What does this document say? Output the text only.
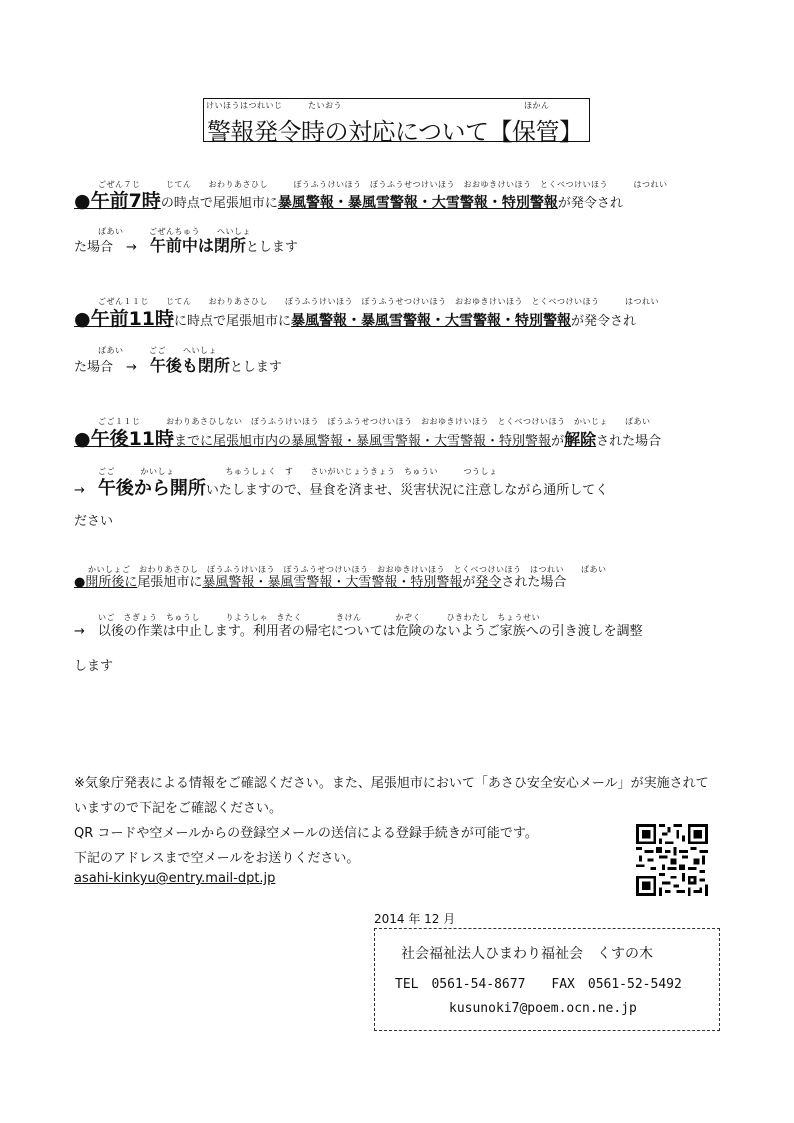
けいほうはつれいじ　　　たいおう	ほかん
警報発令時の対応について【保管】
ごぜん７じ　　　じてん　　おわりあさひし　　　ぼうふうけいほう　ぼうふうせつけいほう　おおゆきけいほう　とくべつけいほう　　　はつれい
●午前7時の時点で尾張旭市に暴風警報・暴風雪警報・大雪警報・特別警報が発令され
ばあい　　　ごぜんちゅう　　へいしょ
た場合　→　午前中は閉所とします
ごぜん１１じ　　じてん　　おわりあさひし　　ぼうふうけいほう　ぼうふうせつけいほう　おおゆきけいほう　とくべつけいほう　　　はつれい
●午前11時に時点で尾張旭市に暴風警報・暴風雪警報・大雪警報・特別警報が発令され
ばあい　　　ごご　　へいしょ
た場合　→　午後も閉所とします
ごご１１じ　　　おわりあさひしない　ぼうふうけいほう　ぼうふうせつけいほう　おおゆきけいほう　とくべつけいほう　かいじょ　　ばあい
●午後11時までに尾張旭市内の暴風警報・暴風雪警報・大雪警報・特別警報が解除された場合
ごご　　　かいしょ　　　　　　ちゅうしょく　す　　さいがいじょうきょう　ちゅうい　　　つうしょ
→　午後から開所いたしますので、昼食を済ませ、災害状況に注意しながら通所してく
ださい
かいしょご　おわりあさひし　ぼうふうけいほう　ぼうふうせつけいほう　おおゆきけいほう　とくべつけいほう　はつれい　　ばあい
●開所後に尾張旭市に暴風警報・暴風雪警報・大雪警報・特別警報が発令された場合
いご　さぎょう　ちゅうし　　　りようしゃ　きたく　　　　きけん　　　　かぞく　　　ひきわたし　ちょうせい
→　以後の作業は中止します。利用者の帰宅については危険のないようご家族への引き渡しを調整
します
※気象庁発表による情報をご確認ください。また、尾張旭市において「あさひ安全安心メール」が実施されて
いますので下記をご確認ください。
QR コードや空メールからの登録空メールの送信による登録手続きが可能です。
下記のアドレスまで空メールをお送りください。
asahi-kinkyu@entry.mail-dpt.jp
2014 年 12 月
社会福祉法人ひまわり福祉会　くすの木
TEL　0561-54-8677　　FAX　0561-52-5492
kusunoki7@poem.ocn.ne.jp
